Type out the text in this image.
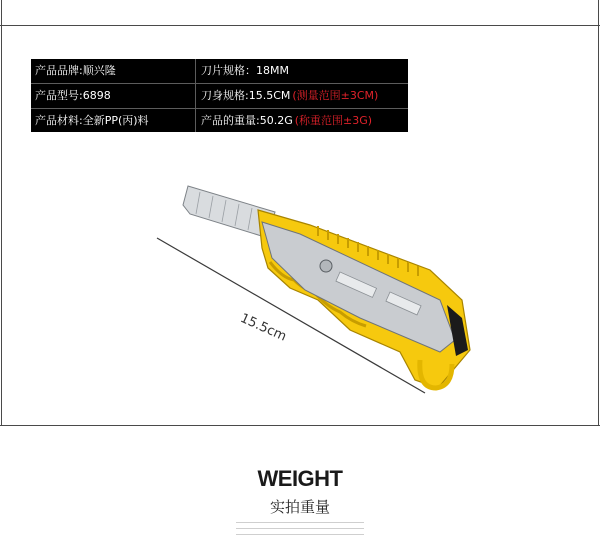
产品品牌:顺兴隆	刀片规格：18MM
产品型号:6898	刀身规格:15.5CM (测量范围±3CM)
产品材料:全新PP(丙)料	产品的重量:50.2G (称重范围±3G)
15.5cm
WEIGHT
实拍重量
